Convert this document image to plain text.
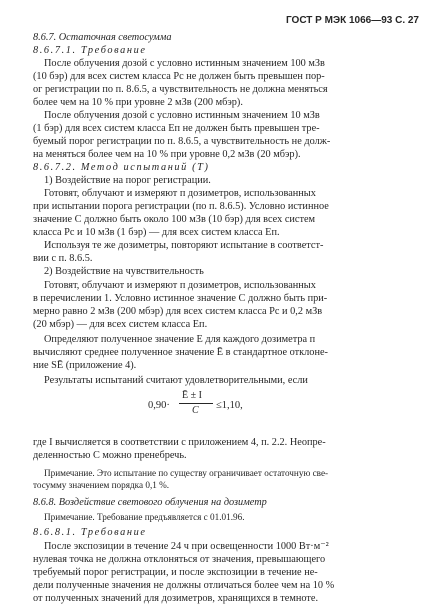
ГОСТ Р МЭК 1066—93 С. 27
8.6.7. Остаточная светосумма
8.6.7.1. Требование
После облучения дозой с условно истинным значением 100 мЗв
(10 бэр) для всех систем класса Рс не должен быть превышен пор-
ог регистрации по п. 8.6.5, а чувствительность не должна меняться
более чем на 10 % при уровне 2 мЗв (200 мбэр).
После облучения дозой с условно истинным значением 10 мЗв
(1 бэр) для всех систем класса Еп не должен быть превышен тре-
буемый порог регистрации по п. 8.6.5, а чувствительность не долж-
на меняться более чем на 10 % при уровне 0,2 мЗв (20 мбэр).
8.6.7.2. Метод испытаний (Т)
1) Воздействие на порог регистрации.
Готовят, облучают и измеряют п дозиметров, использованных
при испытании порога регистрации (по п. 8.6.5). Условно истинное
значение С должно быть около 100 мЗв (10 бэр) для всех систем
класса Рс и 10 мЗв (1 бэр) — для всех систем класса Еп.
Используя те же дозиметры, повторяют испытание в соответст-
вии с п. 8.6.5.
2) Воздействие на чувствительность
Готовят, облучают и измеряют п дозиметров, использованных
в перечислении 1. Условно истинное значение С должно быть при-
мерно равно 2 мЗв (200 мбэр) для всех систем класса Рс и 0,2 мЗв
(20 мбэр) — для всех систем класса Еп.
Определяют полученное значение Е для каждого дозиметра п
вычисляют среднее полученное значение Ē в стандартное отклоне-
ние SĒ (приложение 4).
Результаты испытаний считают удовлетворительными, если
0,90·
Ē ± I
C ≤1,10,
где I вычисляется в соответствии с приложением 4, п. 2.2. Неопре-
деленностью С можно пренебречь.
Примечание. Это испытание по существу ограничивает остаточную све-
тосумму значением порядка 0,1 %.
8.6.8. Воздействие светового облучения на дозиметр
Примечание. Требование предъявляется с 01.01.96.
8.6.8.1. Требование
После экспозиции в течение 24 ч при освещенности 1000 Вт·м⁻²
нулевая точка не должна отклоняться от значения, превышающего
требуемый порог регистрации, и после экспозиции в течение не-
дели полученные значения не должны отличаться более чем на 10 %
от полученных значений для дозиметров, хранящихся в темноте.
